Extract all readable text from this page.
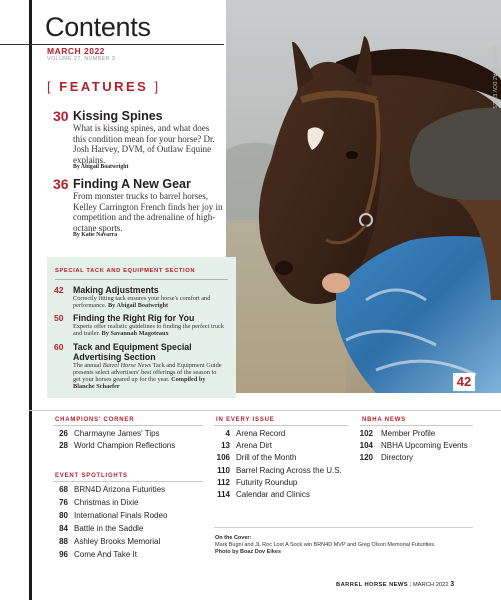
Contents
MARCH 2022
VOLUME 27, NUMBER 3
[ FEATURES ]
30 Kissing Spines
What is kissing spines, and what does this condition mean for your horse? Dr. Josh Harvey, DVM, of Outlaw Equine explains.
By Abigail Boatwright
36 Finding A New Gear
From monster trucks to barrel horses, Kelley Carrington French finds her joy in competition and the adrenaline of high-octane sports.
By Katie Navarra
PHOTO: BOAZ DOV EIKES
42
SPECIAL TACK AND EQUIPMENT SECTION
42 Making Adjustments
Correctly fitting tack ensures your horse's comfort and performance. By Abigail Boatwright
50 Finding the Right Rig for You
Experts offer realistic guidelines to finding the perfect truck and trailer. By Savannah Magoteaux
60 Tack and Equipment Special
Advertising Section
The annual Barrel Horse News Tack and Equipment Guide presents select advertisers' best offerings of the season to get your horses geared up for the year. Compiled by Blanche Schaefer
CHAMPIONS' CORNER
26 Charmayne James' Tips
28 World Champion Reflections
EVENT SPOTLIGHTS
68 BRN4D Arizona Futurities
76 Christmas in Dixie
80 International Finals Rodeo
84 Battle in the Saddle
88 Ashley Brooks Memorial
96 Come And Take It
IN EVERY ISSUE
4 Arena Record
13 Arena Dirt
106 Drill of the Month
110 Barrel Racing Across the U.S.
112 Futurity Roundup
114 Calendar and Clinics
NBHA NEWS
102 Member Profile
104 NBHA Upcoming Events
120 Directory
On the Cover:
Mark Bugni and JL Roc Lost A Sock win BRN4D MVP and Greg Olson Memorial Futurities.
Photo by Boaz Dov Eikes
BARREL HORSE NEWS | MARCH 2022 3
